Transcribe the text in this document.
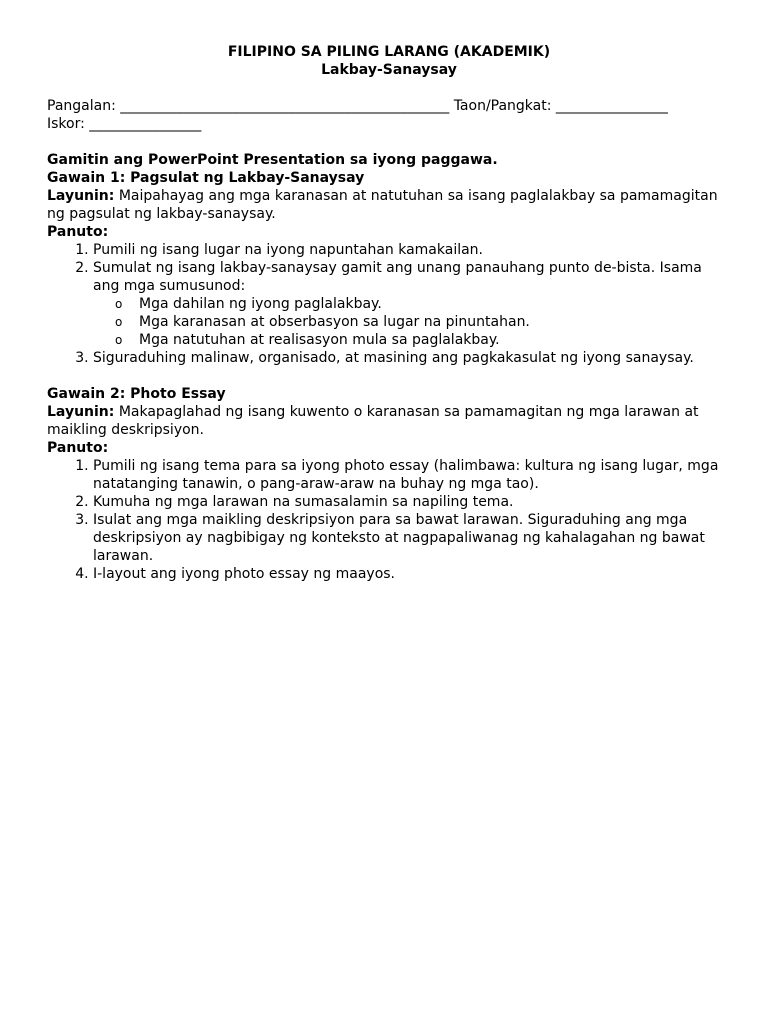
FILIPINO SA PILING LARANG (AKADEMIK)

Lakbay-Sanaysay

Pangalan: _______________________________________________ Taon/Pangkat: ________________

Iskor: ________________

Gamitin ang PowerPoint Presentation sa iyong paggawa.

Gawain 1: Pagsulat ng Lakbay-Sanaysay

Layunin: Maipahayag ang mga karanasan at natutuhan sa isang paglalakbay sa pamamagitan ng pagsulat ng lakbay-sanaysay.

Panuto:

1. Pumili ng isang lugar na iyong napuntahan kamakailan.
2. Sumulat ng isang lakbay-sanaysay gamit ang unang panauhang punto de-bista. Isama ang mga sumusunod:
o Mga dahilan ng iyong paglalakbay.
o Mga karanasan at obserbasyon sa lugar na pinuntahan.
o Mga natutuhan at realisasyon mula sa paglalakbay.
3. Siguraduhing malinaw, organisado, at masining ang pagkakasulat ng iyong sanaysay.

Gawain 2: Photo Essay

Layunin: Makapaglahad ng isang kuwento o karanasan sa pamamagitan ng mga larawan at maikling deskripsiyon.

Panuto:

1. Pumili ng isang tema para sa iyong photo essay (halimbawa: kultura ng isang lugar, mga natatanging tanawin, o pang-araw-araw na buhay ng mga tao).
2. Kumuha ng mga larawan na sumasalamin sa napiling tema.
3. Isulat ang mga maikling deskripsiyon para sa bawat larawan. Siguraduhing ang mga deskripsiyon ay nagbibigay ng konteksto at nagpapaliwanag ng kahalagahan ng bawat larawan.
4. I-layout ang iyong photo essay ng maayos.
